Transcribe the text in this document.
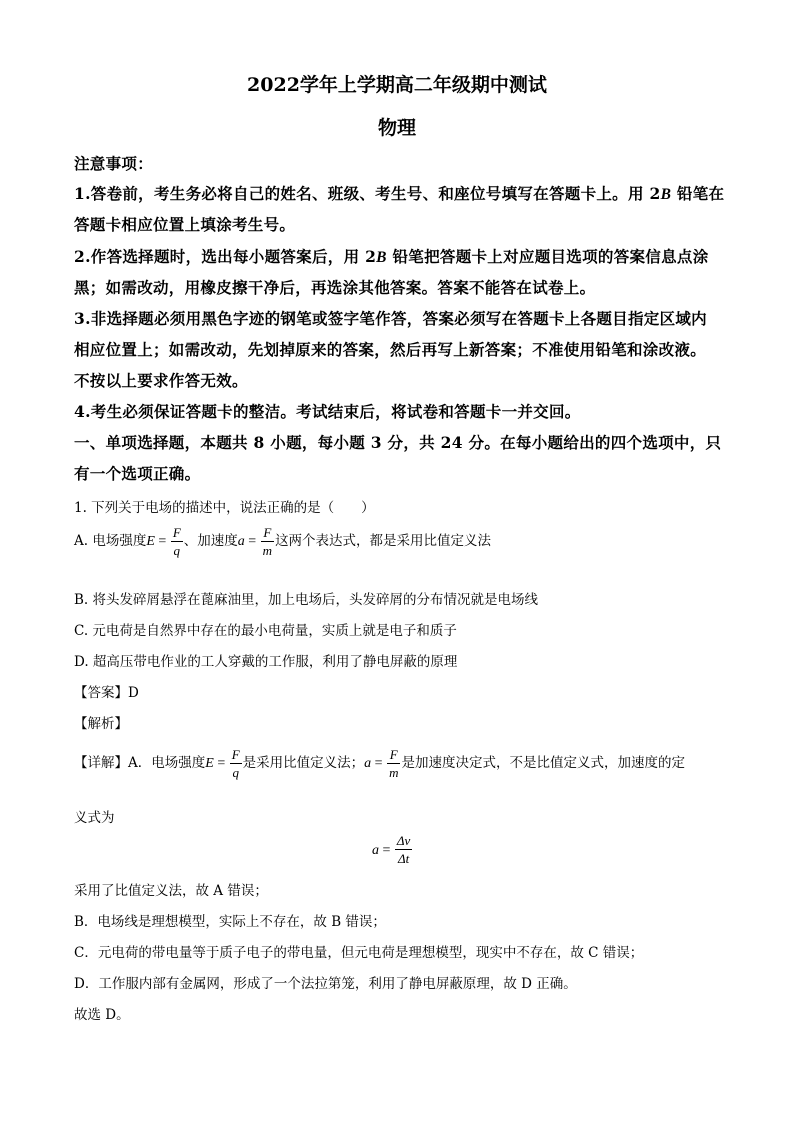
2022学年上学期高二年级期中测试
物理
注意事项：
1.答卷前，考生务必将自己的姓名、班级、考生号、和座位号填写在答题卡上。用 2B 铅笔在
答题卡相应位置上填涂考生号。
2.作答选择题时，选出每小题答案后，用 2B 铅笔把答题卡上对应题目选项的答案信息点涂
黑；如需改动，用橡皮擦干净后，再选涂其他答案。答案不能答在试卷上。
3.非选择题必须用黑色字迹的钢笔或签字笔作答，答案必须写在答题卡上各题目指定区域内
相应位置上；如需改动，先划掉原来的答案，然后再写上新答案；不准使用铅笔和涂改液。
不按以上要求作答无效。
4.考生必须保证答题卡的整洁。考试结束后，将试卷和答题卡一并交回。
一、单项选择题，本题共 8 小题，每小题 3 分，共 24 分。在每小题给出的四个选项中，只
有一个选项正确。
1. 下列关于电场的描述中，说法正确的是（　　）
A. 电场强度$E = \frac{F}{q}$ 、加速度$a = \frac{F}{m}$ 这两个表达式，都是采用比值定义法
B. 将头发碎屑悬浮在蓖麻油里，加上电场后，头发碎屑的分布情况就是电场线
C. 元电荷是自然界中存在的最小电荷量，实质上就是电子和质子
D. 超高压带电作业的工人穿戴的工作服，利用了静电屏蔽的原理
【答案】D
【解析】
【详解】A．电场强度$E = \frac{F}{q}$ 是采用比值定义法；$a = \frac{F}{m}$ 是加速度决定式，不是比值定义式，加速度的定
义式为
$a = \frac{\Delta v}{\Delta t}$
采用了比值定义法，故 A 错误；
B．电场线是理想模型，实际上不存在，故 B 错误；
C．元电荷的带电量等于质子电子的带电量，但元电荷是理想模型，现实中不存在，故 C 错误；
D．工作服内部有金属网，形成了一个法拉第笼，利用了静电屏蔽原理，故 D 正确。
故选 D。
